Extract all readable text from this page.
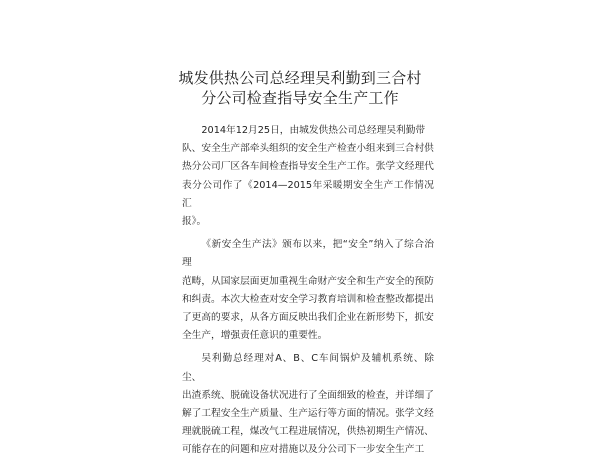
城发供热公司总经理吴利勤到三合村
分公司检查指导安全生产工作
2014年12月25日，由城发供热公司总经理吴利勤带
队、安全生产部牵头组织的安全生产检查小组来到三合村供
热分公司厂区各车间检查指导安全生产工作。张学文经理代
表分公司作了《2014—2015年采暖期安全生产工作情况汇
报》。
《新安全生产法》颁布以来，把“安全”纳入了综合治理
范畴，从国家层面更加重视生命财产安全和生产安全的预防
和纠责。本次大检查对安全学习教育培训和检查整改都提出
了更高的要求，从各方面反映出我们企业在新形势下，抓安
全生产，增强责任意识的重要性。
吴利勤总经理对A、B、C车间锅炉及辅机系统、除尘、
出渣系统、脱硫设备状况进行了全面细致的检查，并详细了
解了工程安全生产质量、生产运行等方面的情况。张学文经
理就脱硫工程，煤改气工程进展情况，供热初期生产情况、
可能存在的问题和应对措施以及分公司下一步安全生产工
